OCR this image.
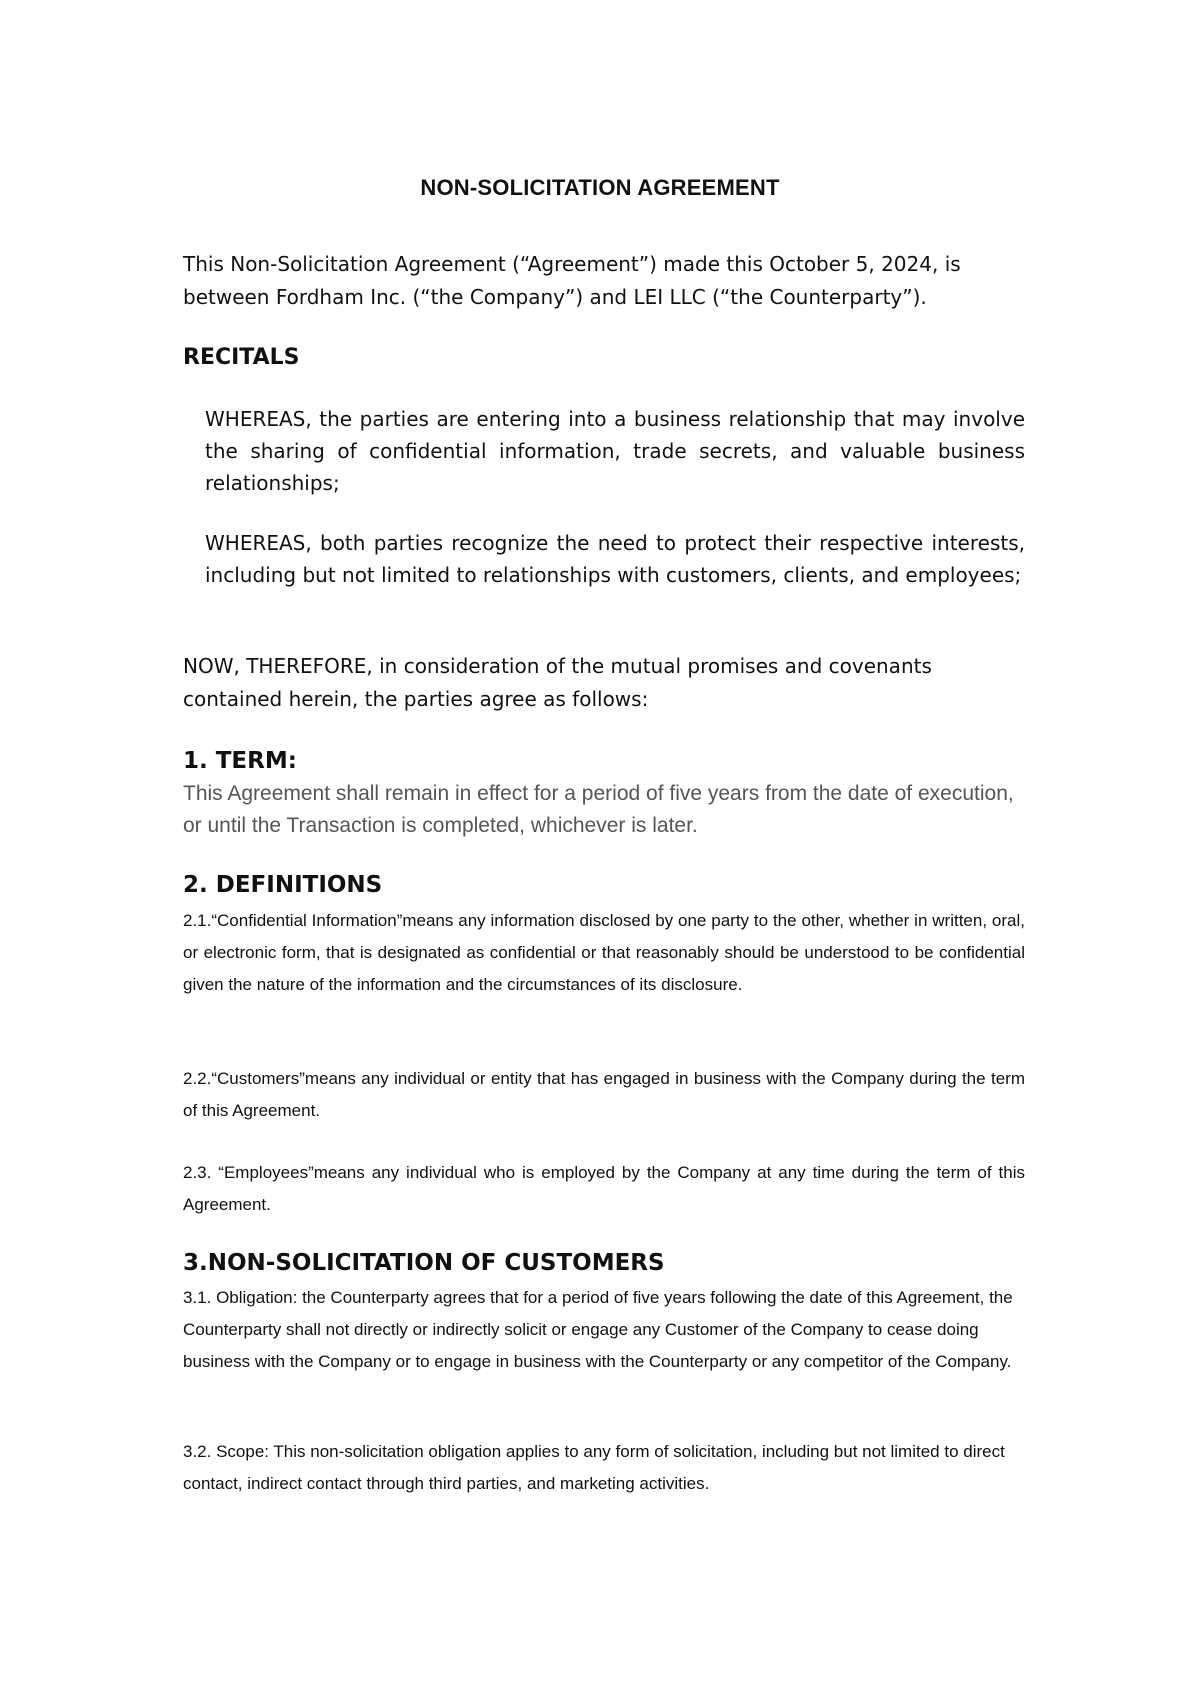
NON-SOLICITATION AGREEMENT
This Non-Solicitation Agreement (“Agreement”) made this October 5, 2024, is between Fordham Inc. (“the Company”) and LEI LLC (“the Counterparty”).
RECITALS
WHEREAS, the parties are entering into a business relationship that may involve the sharing of confidential information, trade secrets, and valuable business relationships;
WHEREAS, both parties recognize the need to protect their respective interests, including but not limited to relationships with customers, clients, and employees;
NOW, THEREFORE, in consideration of the mutual promises and covenants contained herein, the parties agree as follows:
1. TERM:
This Agreement shall remain in effect for a period of five years from the date of execution, or until the Transaction is completed, whichever is later.
2. DEFINITIONS
2.1.“Confidential Information”means any information disclosed by one party to the other, whether in written, oral, or electronic form, that is designated as confidential or that reasonably should be understood to be confidential given the nature of the information and the circumstances of its disclosure.
2.2.“Customers”means any individual or entity that has engaged in business with the Company during the term of this Agreement.
2.3. “Employees”means any individual who is employed by the Company at any time during the term of this Agreement.
3.NON-SOLICITATION OF CUSTOMERS
3.1. Obligation: the Counterparty agrees that for a period of five years following the date of this Agreement, the Counterparty shall not directly or indirectly solicit or engage any Customer of the Company to cease doing business with the Company or to engage in business with the Counterparty or any competitor of the Company.
3.2. Scope: This non-solicitation obligation applies to any form of solicitation, including but not limited to direct contact, indirect contact through third parties, and marketing activities.
